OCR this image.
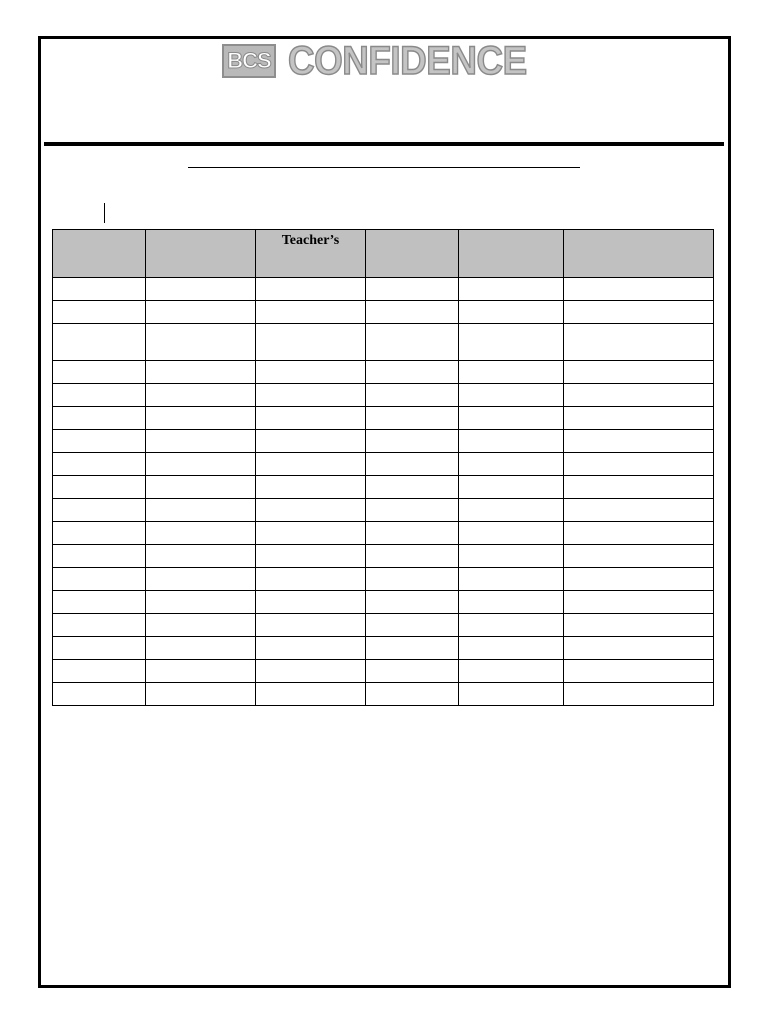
BCS CONFIDENCE
		Teacher’s			
